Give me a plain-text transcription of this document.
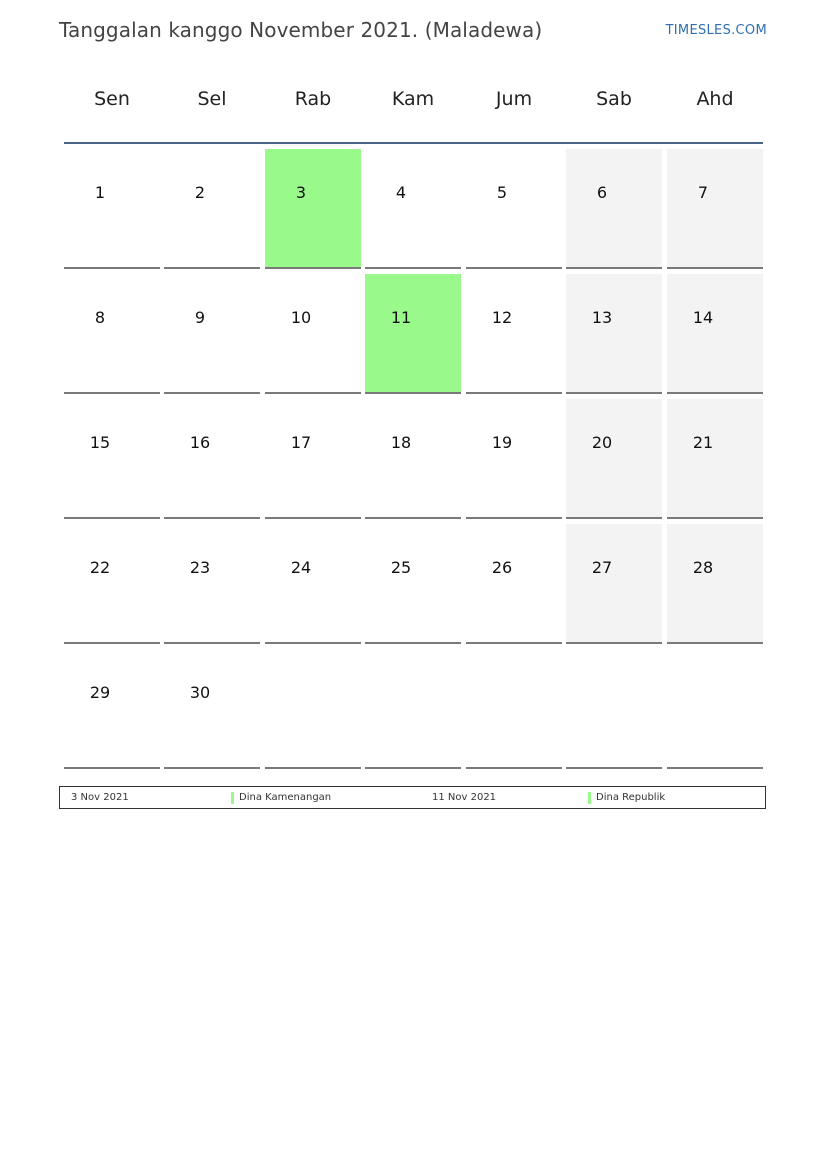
Tanggalan kanggo November 2021. (Maladewa)	TIMESLES.COM
Sen	Sel	Rab	Kam	Jum	Sab	Ahd
1	2	3	4	5	6	7
8	9	10	11	12	13	14
15	16	17	18	19	20	21
22	23	24	25	26	27	28
29	30
3 Nov 2021	Dina Kamenangan	11 Nov 2021	Dina Republik
